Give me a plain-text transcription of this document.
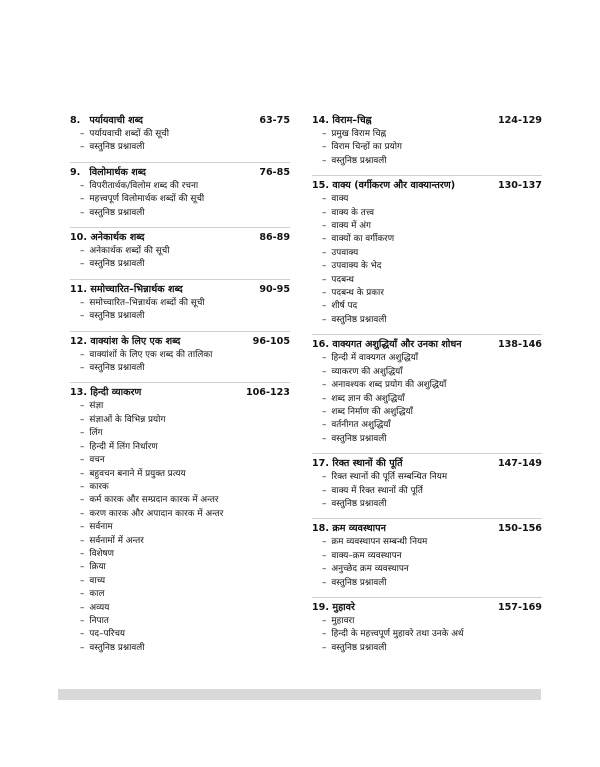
8. पर्यायवाची शब्द	63-75
– पर्यायवाची शब्दों की सूची
– वस्तुनिष्ठ प्रश्नावली
9. विलोमार्थक शब्द	76-85
– विपरीतार्थक/विलोम शब्द की रचना
– महत्त्वपूर्ण विलोमार्थक शब्दों की सूची
– वस्तुनिष्ठ प्रश्नावली
10. अनेकार्थक शब्द	86-89
– अनेकार्थक शब्दों की सूची
– वस्तुनिष्ठ प्रश्नावली
11. समोच्चारित–भिन्नार्थक शब्द	90-95
– समोच्चारित–भिन्नार्थक शब्दों की सूची
– वस्तुनिष्ठ प्रश्नावली
12. वाक्यांश के लिए एक शब्द	96-105
– वाक्यांशों के लिए एक शब्द की तालिका
– वस्तुनिष्ठ प्रश्नावली
13. हिन्दी व्याकरण	106-123
– संज्ञा
– संज्ञाओं के विभिन्न प्रयोग
– लिंग
– हिन्दी में लिंग निर्धारण
– वचन
– बहुवचन बनाने में प्रयुक्त प्रत्यय
– कारक
– कर्म कारक और सम्प्रदान कारक में अन्तर
– करण कारक और अपादान कारक में अन्तर
– सर्वनाम
– सर्वनामों में अन्तर
– विशेषण
– क्रिया
– वाच्य
– काल
– अव्यय
– निपात
– पद–परिचय
– वस्तुनिष्ठ प्रश्नावली
14. विराम–चिह्न	124-129
– प्रमुख विराम चिह्न
– विराम चिन्हों का प्रयोग
– वस्तुनिष्ठ प्रश्नावली
15. वाक्य (वर्गीकरण और वाक्यान्तरण)	130-137
– वाक्य
– वाक्य के तत्त्व
– वाक्य में अंग
– वाक्यों का वर्गीकरण
– उपवाक्य
– उपवाक्य के भेद
– पदबन्ध
– पदबन्ध के प्रकार
– शीर्ष पद
– वस्तुनिष्ठ प्रश्नावली
16. वाक्यगत अशुद्धियाँ और उनका शोधन	138-146
– हिन्दी में वाक्यगत अशुद्धियाँ
– व्याकरण की अशुद्धियाँ
– अनावश्यक शब्द प्रयोग की अशुद्धियाँ
– शब्द ज्ञान की अशुद्धियाँ
– शब्द निर्माण की अशुद्धियाँ
– वर्तनीगत अशुद्धियाँ
– वस्तुनिष्ठ प्रश्नावली
17. रिक्त स्थानों की पूर्ति	147-149
– रिक्त स्थानों की पूर्ति सम्बन्धित नियम
– वाक्य में रिक्त स्थानों की पूर्ति
– वस्तुनिष्ठ प्रश्नावली
18. क्रम व्यवस्थापन	150-156
– क्रम व्यवस्थापन सम्बन्धी नियम
– वाक्य–क्रम व्यवस्थापन
– अनुच्छेद क्रम व्यवस्थापन
– वस्तुनिष्ठ प्रश्नावली
19. मुहावरे	157-169
– मुहावरा
– हिन्दी के महत्त्वपूर्ण मुहावरे तथा उनके अर्थ
– वस्तुनिष्ठ प्रश्नावली
